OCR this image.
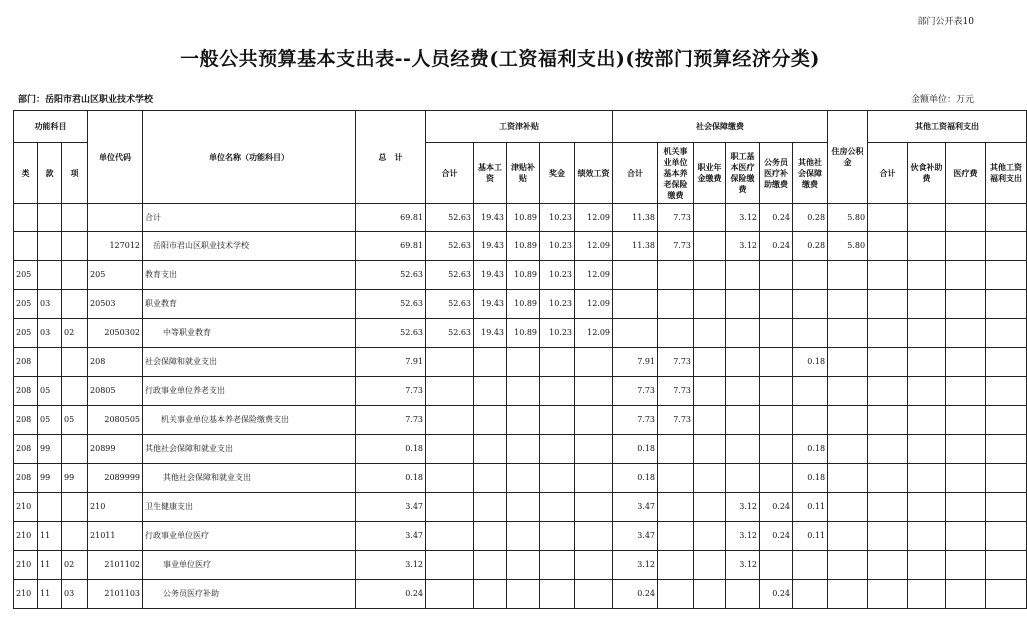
部门公开表10
一般公共预算基本支出表--人员经费(工资福利支出)(按部门预算经济分类)
部门：岳阳市君山区职业技术学校	金额单位：万元
功能科目			单位代码	单位名称（功能科目）	总　计	工资津补贴					社会保障缴费						住房公积金	其他工资福利支出			
类	款	项				合计	基本工资	津贴补贴	奖金	绩效工资	合计	机关事业单位基本养老保险缴费	职业年金缴费	职工基本医疗保险缴费	公务员医疗补助缴费	其他社会保障缴费		合计	伙食补助费	医疗费	其他工资福利支出

				合计	69.81	52.63	19.43	10.89	10.23	12.09	11.38	7.73		3.12	0.24	0.28	5.80				
			127012	岳阳市君山区职业技术学校	69.81	52.63	19.43	10.89	10.23	12.09	11.38	7.73		3.12	0.24	0.28	5.80				
205			205	教育支出	52.63	52.63	19.43	10.89	10.23	12.09											
205	03		20503	职业教育	52.63	52.63	19.43	10.89	10.23	12.09											
205	03	02	2050302	中等职业教育	52.63	52.63	19.43	10.89	10.23	12.09											
208			208	社会保障和就业支出	7.91						7.91	7.73				0.18					
208	05		20805	行政事业单位养老支出	7.73						7.73	7.73									
208	05	05	2080505	机关事业单位基本养老保险缴费支出	7.73						7.73	7.73									
208	99		20899	其他社会保障和就业支出	0.18						0.18					0.18					
208	99	99	2089999	其他社会保障和就业支出	0.18						0.18					0.18					
210			210	卫生健康支出	3.47						3.47			3.12	0.24	0.11					
210	11		21011	行政事业单位医疗	3.47						3.47			3.12	0.24	0.11					
210	11	02	2101102	事业单位医疗	3.12						3.12			3.12							
210	11	03	2101103	公务员医疗补助	0.24						0.24				0.24						
